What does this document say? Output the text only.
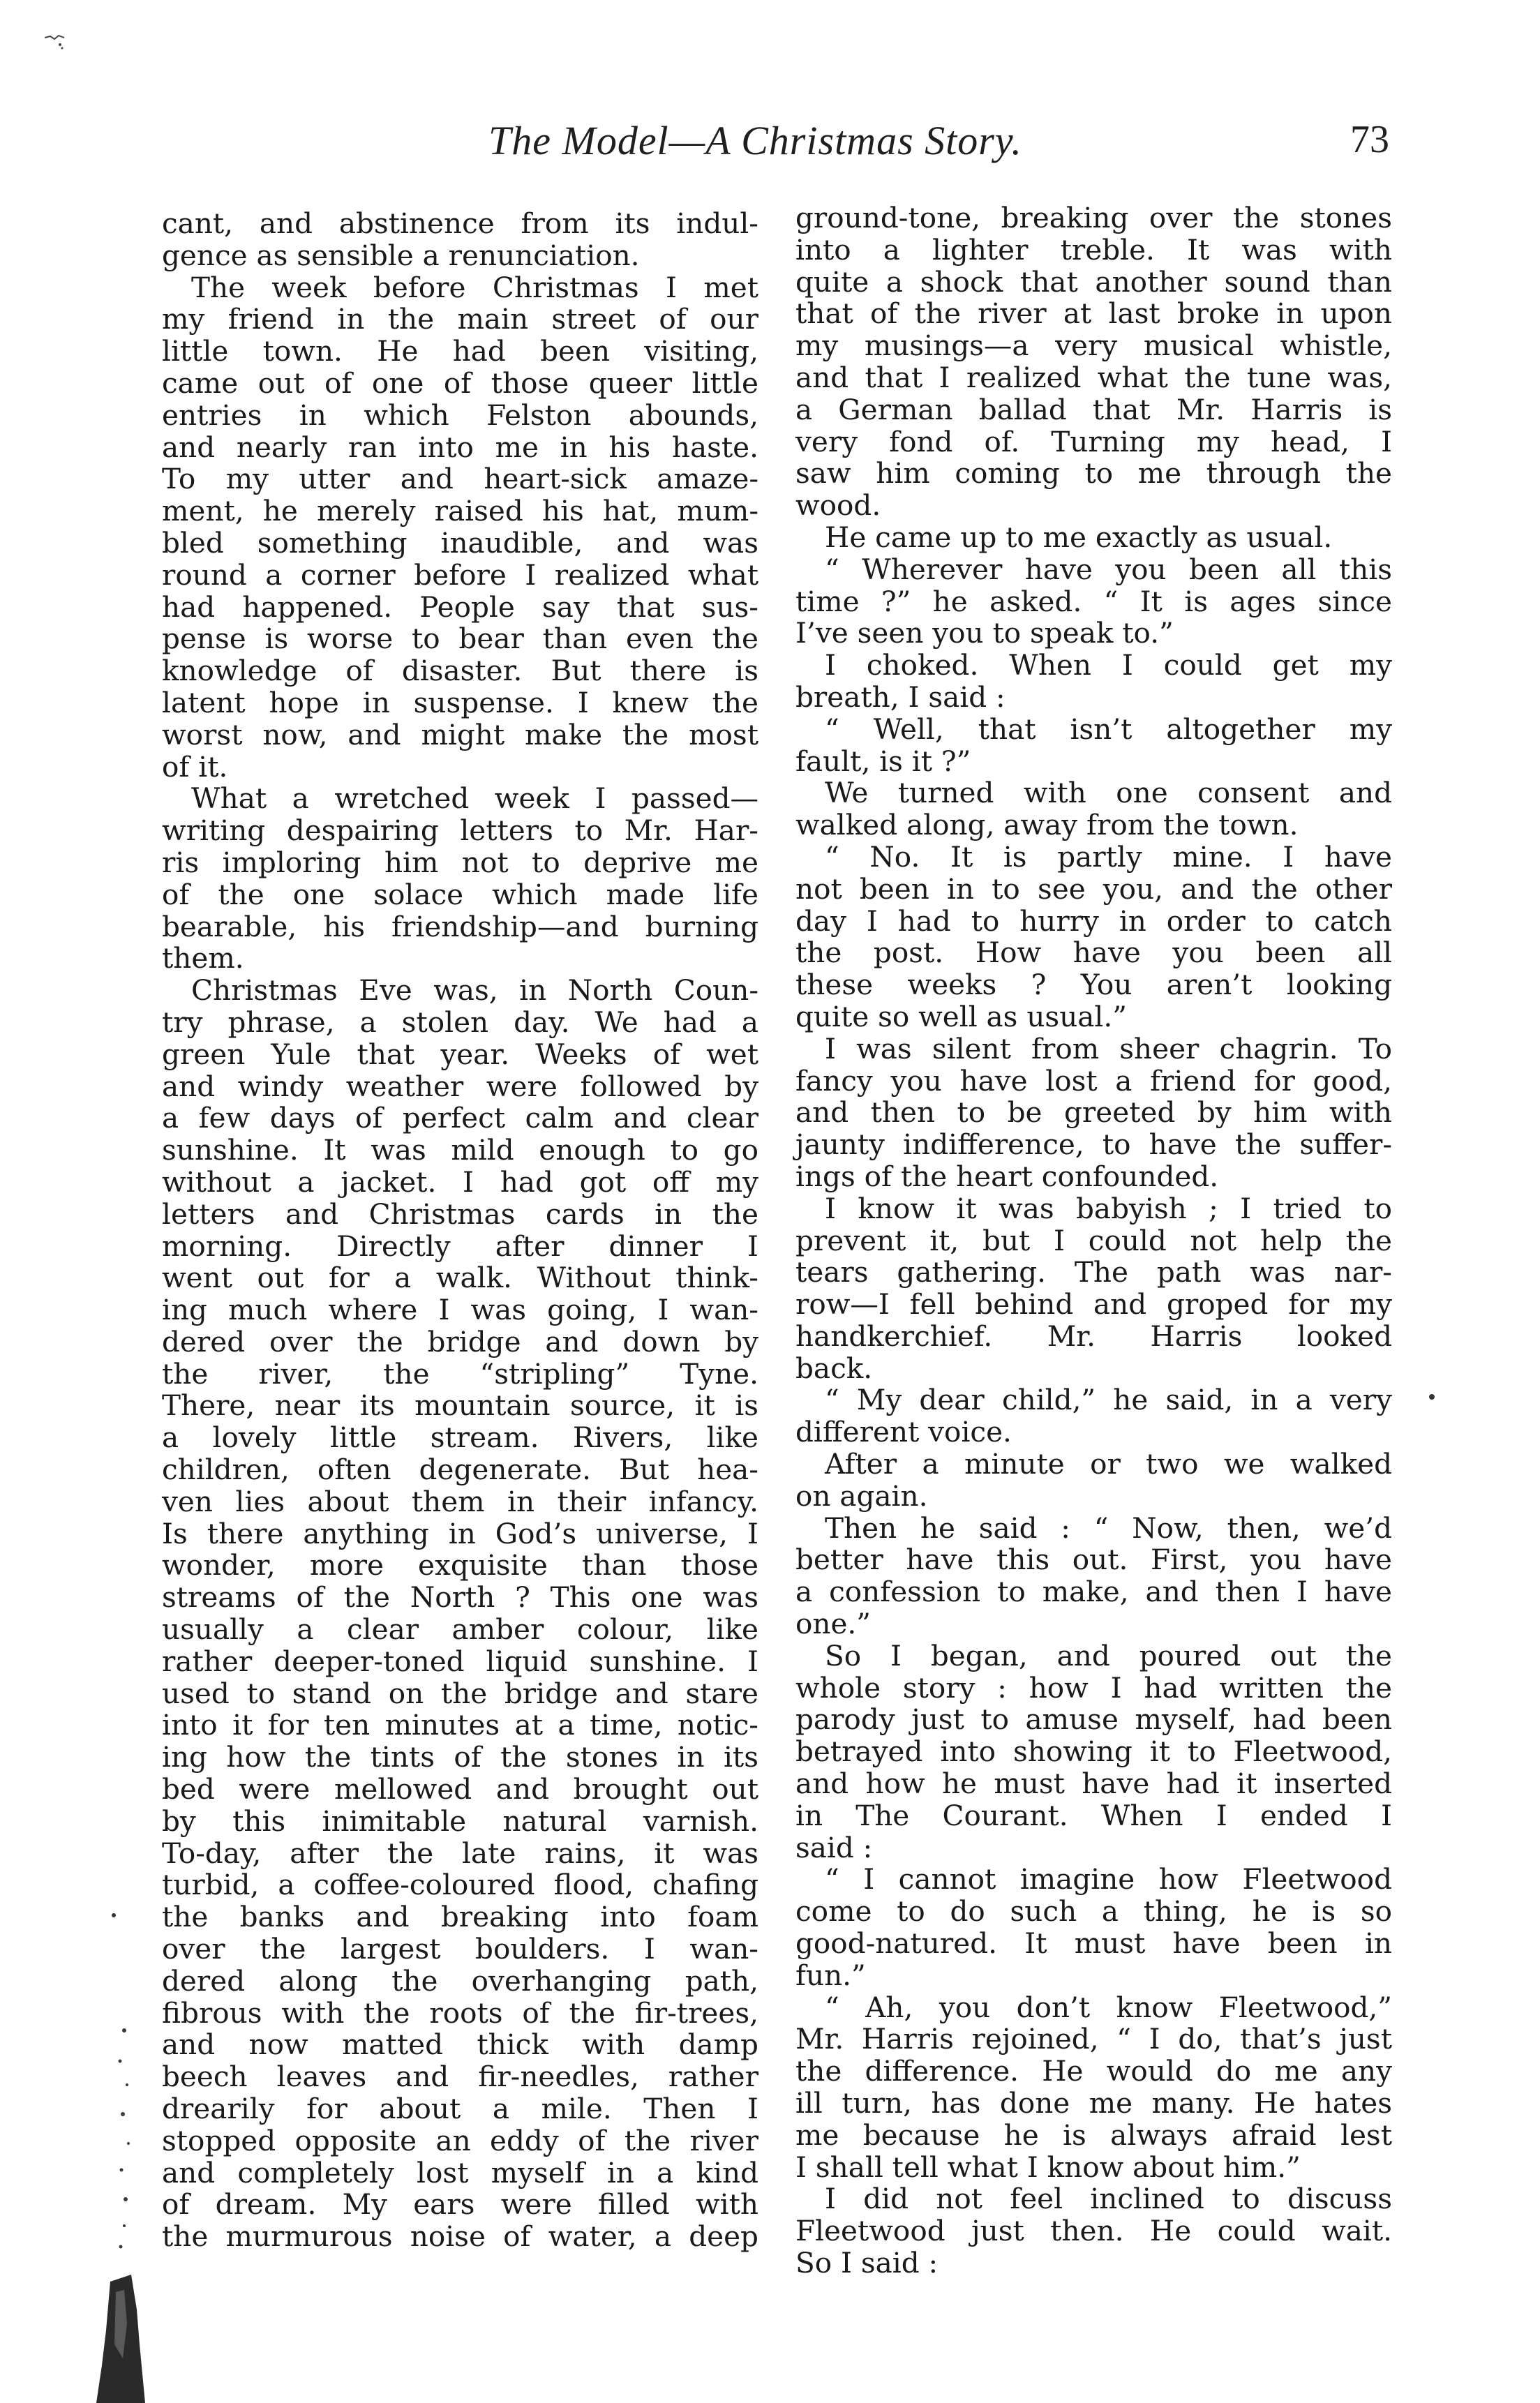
The Model—A Christmas Story.	73
cant, and abstinence from its indul-
gence as sensible a renunciation.
The week before Christmas I met
my friend in the main street of our
little town. He had been visiting,
came out of one of those queer little
entries in which Felston abounds,
and nearly ran into me in his haste.
To my utter and heart-sick amaze-
ment, he merely raised his hat, mum-
bled something inaudible, and was
round a corner before I realized what
had happened. People say that sus-
pense is worse to bear than even the
knowledge of disaster. But there is
latent hope in suspense. I knew the
worst now, and might make the most
of it.
What a wretched week I passed—
writing despairing letters to Mr. Har-
ris imploring him not to deprive me
of the one solace which made life
bearable, his friendship—and burning
them.
Christmas Eve was, in North Coun-
try phrase, a stolen day. We had a
green Yule that year. Weeks of wet
and windy weather were followed by
a few days of perfect calm and clear
sunshine. It was mild enough to go
without a jacket. I had got off my
letters and Christmas cards in the
morning. Directly after dinner I
went out for a walk. Without think-
ing much where I was going, I wan-
dered over the bridge and down by
the river, the “stripling” Tyne.
There, near its mountain source, it is
a lovely little stream. Rivers, like
children, often degenerate. But hea-
ven lies about them in their infancy.
Is there anything in God’s universe, I
wonder, more exquisite than those
streams of the North ? This one was
usually a clear amber colour, like
rather deeper-toned liquid sunshine. I
used to stand on the bridge and stare
into it for ten minutes at a time, notic-
ing how the tints of the stones in its
bed were mellowed and brought out
by this inimitable natural varnish.
To-day, after the late rains, it was
turbid, a coffee-coloured flood, chafing
the banks and breaking into foam
over the largest boulders. I wan-
dered along the overhanging path,
fibrous with the roots of the fir-trees,
and now matted thick with damp
beech leaves and fir-needles, rather
drearily for about a mile. Then I
stopped opposite an eddy of the river
and completely lost myself in a kind
of dream. My ears were filled with
the murmurous noise of water, a deep
ground-tone, breaking over the stones
into a lighter treble. It was with
quite a shock that another sound than
that of the river at last broke in upon
my musings—a very musical whistle,
and that I realized what the tune was,
a German ballad that Mr. Harris is
very fond of. Turning my head, I
saw him coming to me through the
wood.
He came up to me exactly as usual.
“ Wherever have you been all this
time ?” he asked. “ It is ages since
I’ve seen you to speak to.”
I choked. When I could get my
breath, I said :
“ Well, that isn’t altogether my
fault, is it ?”
We turned with one consent and
walked along, away from the town.
“ No. It is partly mine. I have
not been in to see you, and the other
day I had to hurry in order to catch
the post. How have you been all
these weeks ? You aren’t looking
quite so well as usual.”
I was silent from sheer chagrin. To
fancy you have lost a friend for good,
and then to be greeted by him with
jaunty indifference, to have the suffer-
ings of the heart confounded.
I know it was babyish ; I tried to
prevent it, but I could not help the
tears gathering. The path was nar-
row—I fell behind and groped for my
handkerchief. Mr. Harris looked
back.
“ My dear child,” he said, in a very
different voice.
After a minute or two we walked
on again.
Then he said : “ Now, then, we’d
better have this out. First, you have
a confession to make, and then I have
one.”
So I began, and poured out the
whole story : how I had written the
parody just to amuse myself, had been
betrayed into showing it to Fleetwood,
and how he must have had it inserted
in The Courant. When I ended I
said :
“ I cannot imagine how Fleetwood
come to do such a thing, he is so
good-natured. It must have been in
fun.”
“ Ah, you don’t know Fleetwood,”
Mr. Harris rejoined, “ I do, that’s just
the difference. He would do me any
ill turn, has done me many. He hates
me because he is always afraid lest
I shall tell what I know about him.”
I did not feel inclined to discuss
Fleetwood just then. He could wait.
So I said :
